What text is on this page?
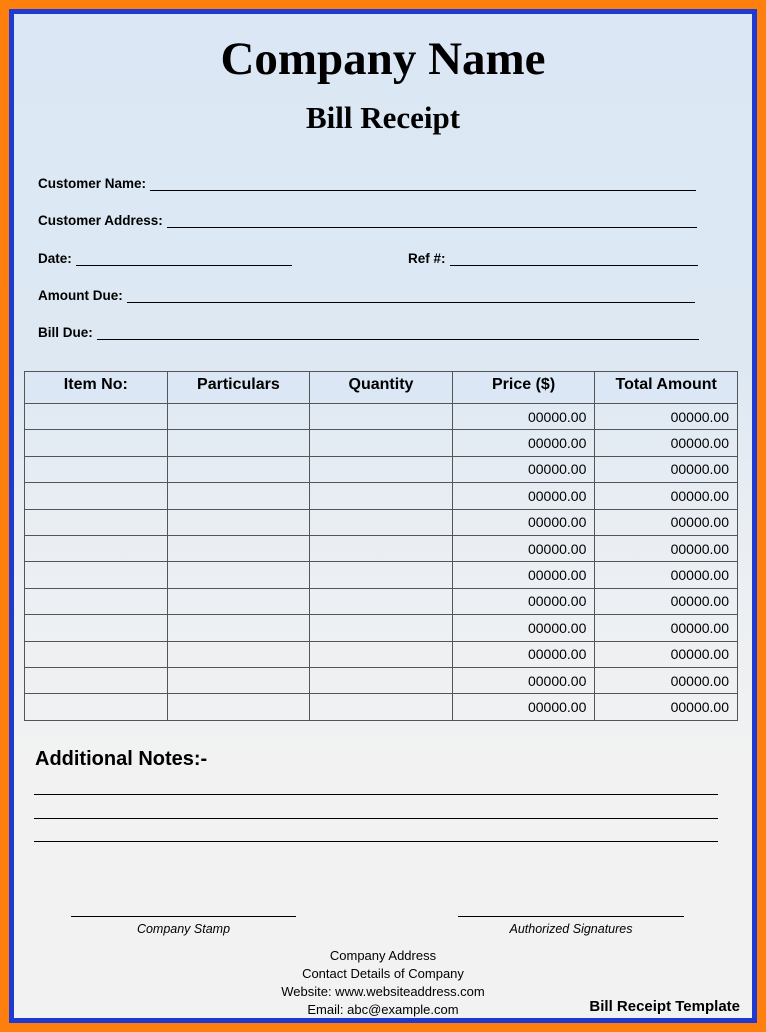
Company Name
Bill Receipt
Customer Name:
Customer Address:
Date:	Ref #:
Amount Due:
Bill Due:
Item No:	Particulars	Quantity	Price ($)	Total Amount
			00000.00	00000.00
			00000.00	00000.00
			00000.00	00000.00
			00000.00	00000.00
			00000.00	00000.00
			00000.00	00000.00
			00000.00	00000.00
			00000.00	00000.00
			00000.00	00000.00
			00000.00	00000.00
			00000.00	00000.00
			00000.00	00000.00
Additional Notes:-
Company Stamp	Authorized Signatures
Company Address
Contact Details of Company
Website: www.websiteaddress.com
Email: abc@example.com	Bill Receipt Template
